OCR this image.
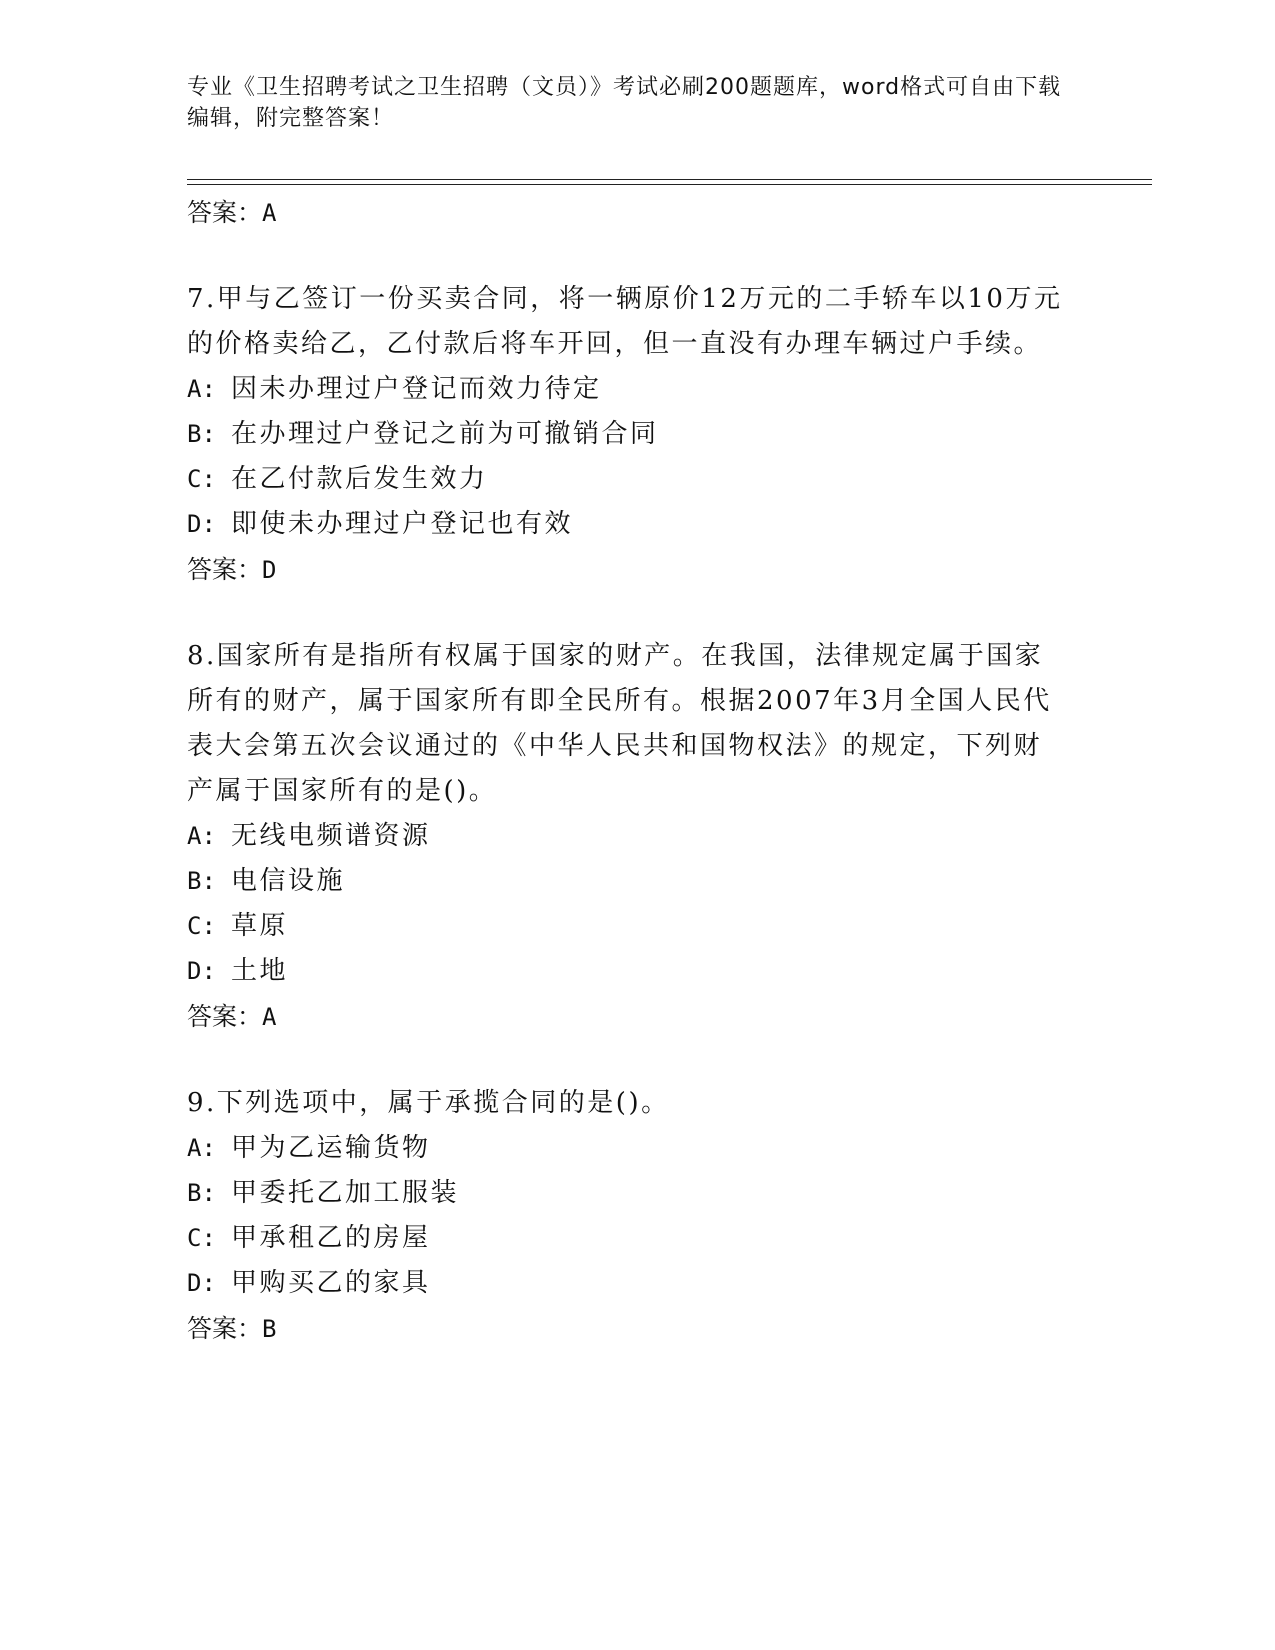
专业《卫生招聘考试之卫生招聘（文员）》考试必刷200题题库，word格式可自由下载编辑，附完整答案！
答案：A
7.甲与乙签订一份买卖合同，将一辆原价12万元的二手轿车以10万元的价格卖给乙，乙付款后将车开回，但一直没有办理车辆过户手续。
A: 因未办理过户登记而效力待定
B: 在办理过户登记之前为可撤销合同
C: 在乙付款后发生效力
D: 即使未办理过户登记也有效
答案：D
8.国家所有是指所有权属于国家的财产。在我国，法律规定属于国家所有的财产，属于国家所有即全民所有。根据2007年3月全国人民代表大会第五次会议通过的《中华人民共和国物权法》的规定，下列财产属于国家所有的是()。
A: 无线电频谱资源
B: 电信设施
C: 草原
D: 土地
答案：A
9.下列选项中，属于承揽合同的是()。
A: 甲为乙运输货物
B: 甲委托乙加工服装
C: 甲承租乙的房屋
D: 甲购买乙的家具
答案：B
